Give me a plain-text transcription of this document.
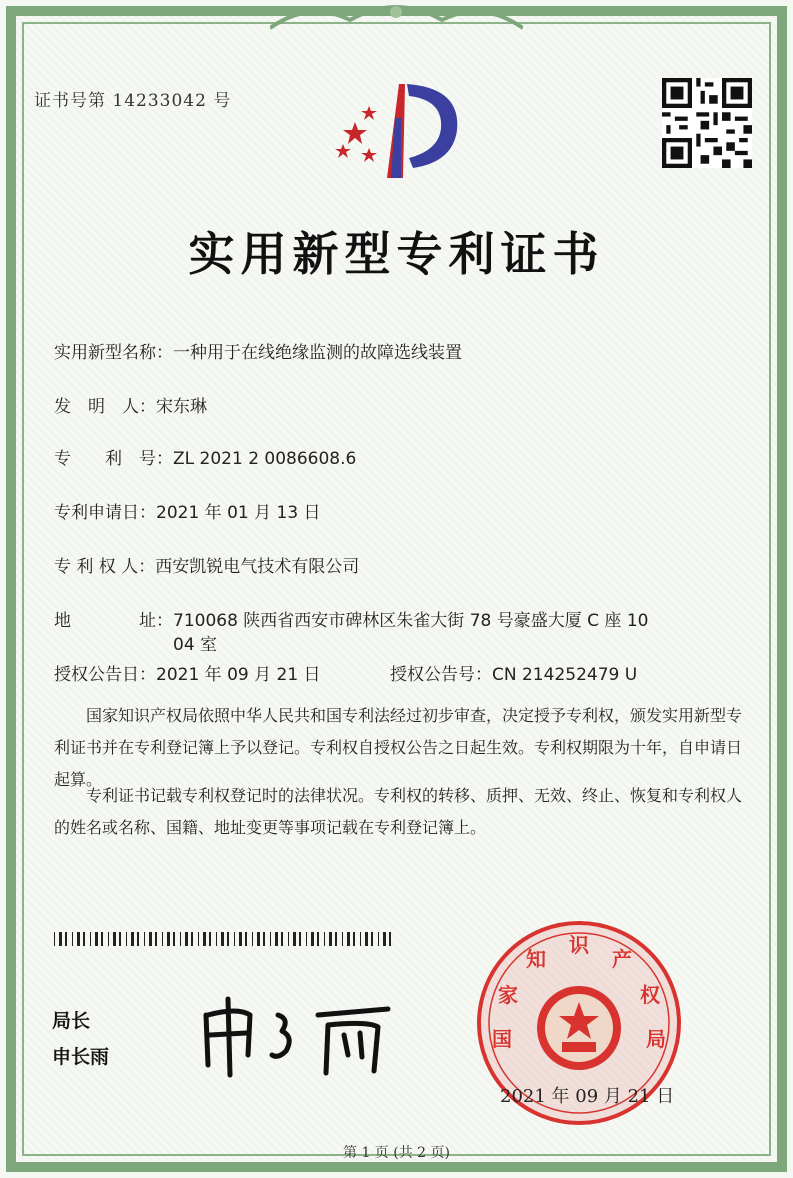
证书号第 14233042 号
实用新型专利证书
实用新型名称：一种用于在线绝缘监测的故障选线装置
发　明　人：宋东琳
专　　利　号：ZL 2021 2 0086608.6
专利申请日：2021 年 01 月 13 日
专 利 权 人：西安凯锐电气技术有限公司
地　　　　址：710068 陕西省西安市碑林区朱雀大街 78 号豪盛大厦 C 座 10
04 室
授权公告日：2021 年 09 月 21 日	授权公告号：CN 214252479 U
国家知识产权局依照中华人民共和国专利法经过初步审查，决定授予专利权，颁发实用新型专利证书并在专利登记簿上予以登记。专利权自授权公告之日起生效。专利权期限为十年，自申请日起算。
专利证书记载专利权登记时的法律状况。专利权的转移、质押、无效、终止、恢复和专利权人的姓名或名称、国籍、地址变更等事项记载在专利登记簿上。
局长
申长雨
识
知	产
家	权
国	局
2021 年 09 月 21 日
第 1 页 (共 2 页)
